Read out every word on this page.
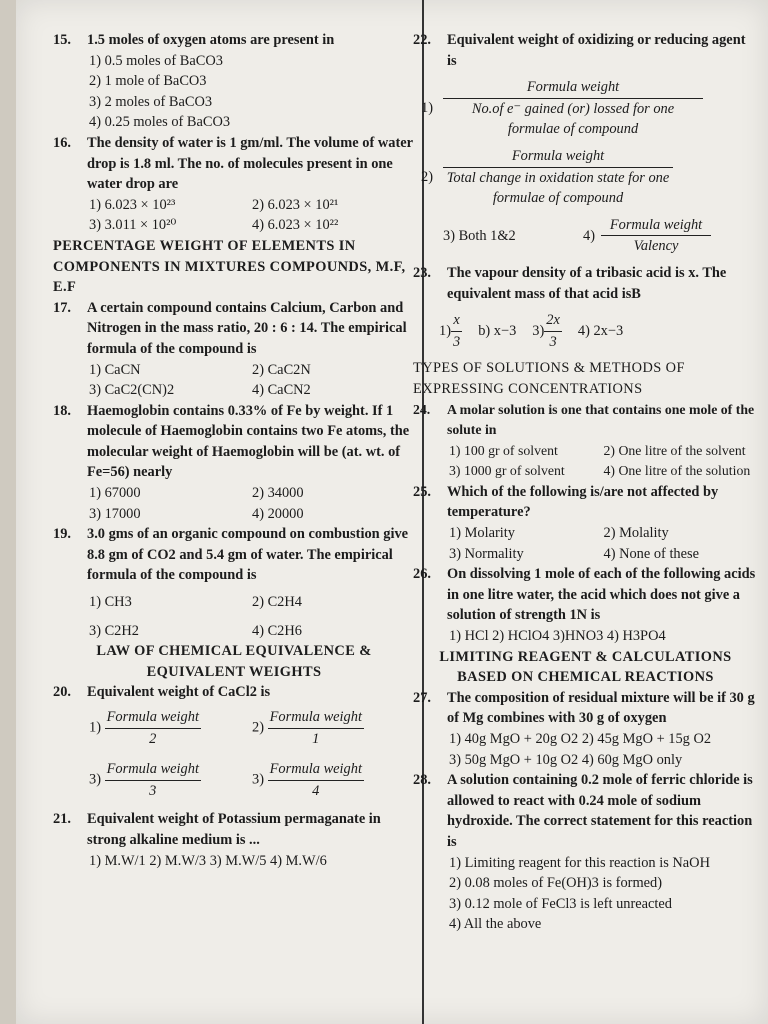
15.	1.5 moles of oxygen atoms are present in
1) 0.5 moles of BaCO3
2) 1 mole of BaCO3
3) 2 moles of BaCO3
4) 0.25 moles of BaCO3
16.	The density of water is 1 gm/ml. The volume of water drop is 1.8 ml. The no. of molecules present in one water drop are
1) 6.023 × 10²³	2) 6.023 × 10²¹
3) 3.011 × 10²⁰	4) 6.023 × 10²²
PERCENTAGE WEIGHT OF ELEMENTS IN COMPONENTS IN MIXTURES COMPOUNDS, M.F, E.F
17.	A certain compound contains Calcium, Carbon and Nitrogen in the mass ratio, 20 : 6 : 14. The empirical formula of the compound is
1) CaCN	2) CaC2N
3) CaC2(CN)2	4) CaCN2
18.	Haemoglobin contains 0.33% of Fe by weight. If 1 molecule of Haemoglobin contains two Fe atoms, the molecular weight of Haemoglobin will be (at. wt. of Fe=56) nearly
1) 67000	2) 34000
3) 17000	4) 20000
19.	3.0 gms of an organic compound on combustion give 8.8 gm of CO2 and 5.4 gm of water. The empirical formula of the compound is
1) CH3	2) C2H4
3) C2H2	4) C2H6
LAW OF CHEMICAL EQUIVALENCE & EQUIVALENT WEIGHTS
20.	Equivalent weight of CaCl2 is
$1) \frac{\text{Formula weight}}{2}$	$2) \frac{\text{Formula weight}}{1}$
$3) \frac{\text{Formula weight}}{3}$	$3) \frac{\text{Formula weight}}{4}$
21.	Equivalent weight of Potassium permaganate in strong alkaline medium is ...
1) M.W/1 2) M.W/3 3) M.W/5 4) M.W/6
22.	Equivalent weight of oxidizing or reducing agent is
$1) \frac{\text{Formula weight}}{\text{No.of e⁻ gained (or) lossed for one formulae of compound}}$
$2) \frac{\text{Formula weight}}{\text{Total change in oxidation state for one formulae of compound}}$
3) Both 1&2	$4) \frac{\text{Formula weight}}{\text{Valency}}$
23.	The vapour density of a tribasic acid is x. The equivalent mass of that acid isB
$1) \frac{x}{3}$	b) x−3	$3) \frac{2x}{3}$	4) 2x−3
TYPES OF SOLUTIONS & METHODS OF EXPRESSING CONCENTRATIONS
24.	A molar solution is one that contains one mole of the solute in
1) 100 gr of solvent	2) One litre of the solvent
3) 1000 gr of solvent	4) One litre of the solution
25.	Which of the following is/are not affected by temperature?
1) Molarity	2) Molality
3) Normality	4) None of these
26.	On dissolving 1 mole of each of the following acids in one litre water, the acid which does not give a solution of strength 1N is
1) HCl 2) HClO4 3)HNO3 4) H3PO4
LIMITING REAGENT & CALCULATIONS BASED ON CHEMICAL REACTIONS
27.	The composition of residual mixture will be if 30 g of Mg combines with 30 g of oxygen
1) 40g MgO + 20g O2 2) 45g MgO + 15g O2
3) 50g MgO + 10g O2 4) 60g MgO only
28.	A solution containing 0.2 mole of ferric chloride is allowed to react with 0.24 mole of sodium hydroxide. The correct statement for this reaction is
1) Limiting reagent for this reaction is NaOH
2) 0.08 moles of Fe(OH)3 is formed)
3) 0.12 mole of FeCl3 is left unreacted
4) All the above
